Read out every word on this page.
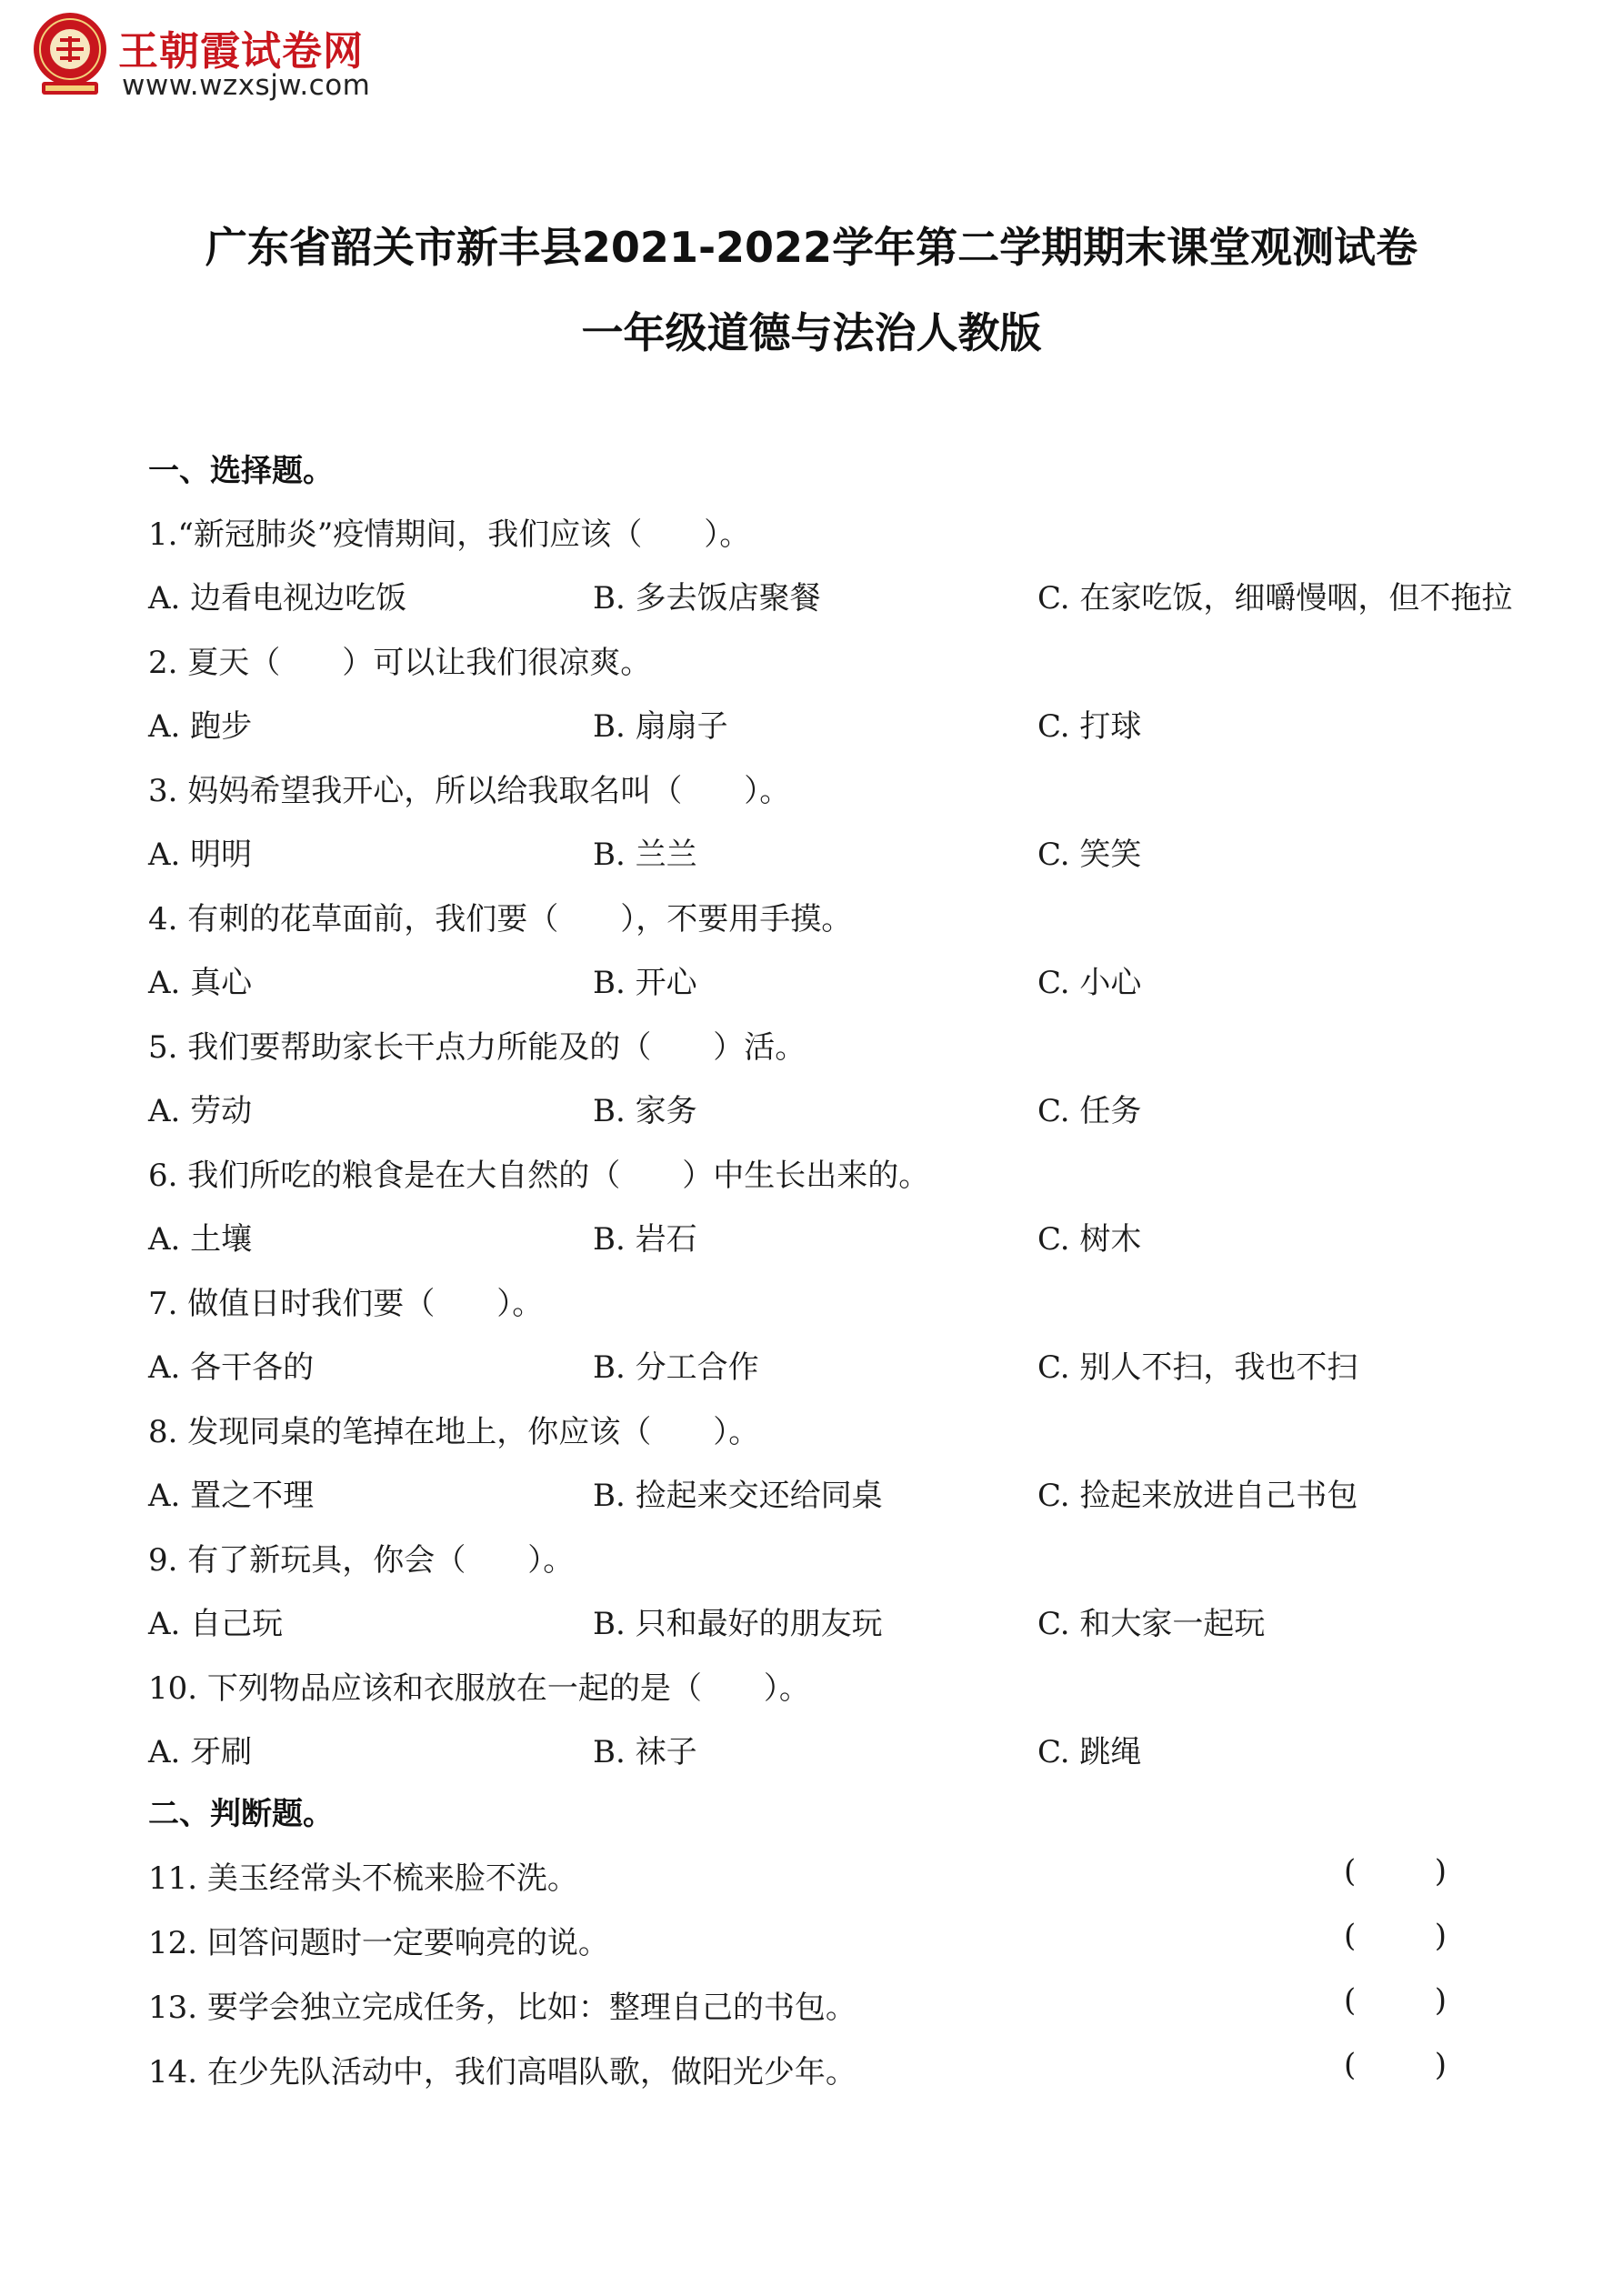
王朝霞试卷网
www.wzxsjw.com
广东省韶关市新丰县2021-2022学年第二学期期末课堂观测试卷
一年级道德与法治人教版
一、选择题。
1.“新冠肺炎”疫情期间，我们应该（　　）。
A. 边看电视边吃饭	B. 多去饭店聚餐	C. 在家吃饭，细嚼慢咽，但不拖拉
2. 夏天（　　）可以让我们很凉爽。
A. 跑步	B. 扇扇子	C. 打球
3. 妈妈希望我开心，所以给我取名叫（　　）。
A. 明明	B. 兰兰	C. 笑笑
4. 有刺的花草面前，我们要（　　），不要用手摸。
A. 真心	B. 开心	C. 小心
5. 我们要帮助家长干点力所能及的（　　）活。
A. 劳动	B. 家务	C. 任务
6. 我们所吃的粮食是在大自然的（　　）中生长出来的。
A. 土壤	B. 岩石	C. 树木
7. 做值日时我们要（　　）。
A. 各干各的	B. 分工合作	C. 别人不扫，我也不扫
8. 发现同桌的笔掉在地上，你应该（　　）。
A. 置之不理	B. 捡起来交还给同桌	C. 捡起来放进自己书包
9. 有了新玩具，你会（　　）。
A. 自己玩	B. 只和最好的朋友玩	C. 和大家一起玩
10. 下列物品应该和衣服放在一起的是（　　）。
A. 牙刷	B. 袜子	C. 跳绳
二、判断题。
11. 美玉经常头不梳来脸不洗。	(        )
12. 回答问题时一定要响亮的说。	(        )
13. 要学会独立完成任务，比如：整理自己的书包。	(        )
14. 在少先队活动中，我们高唱队歌，做阳光少年。	(        )
